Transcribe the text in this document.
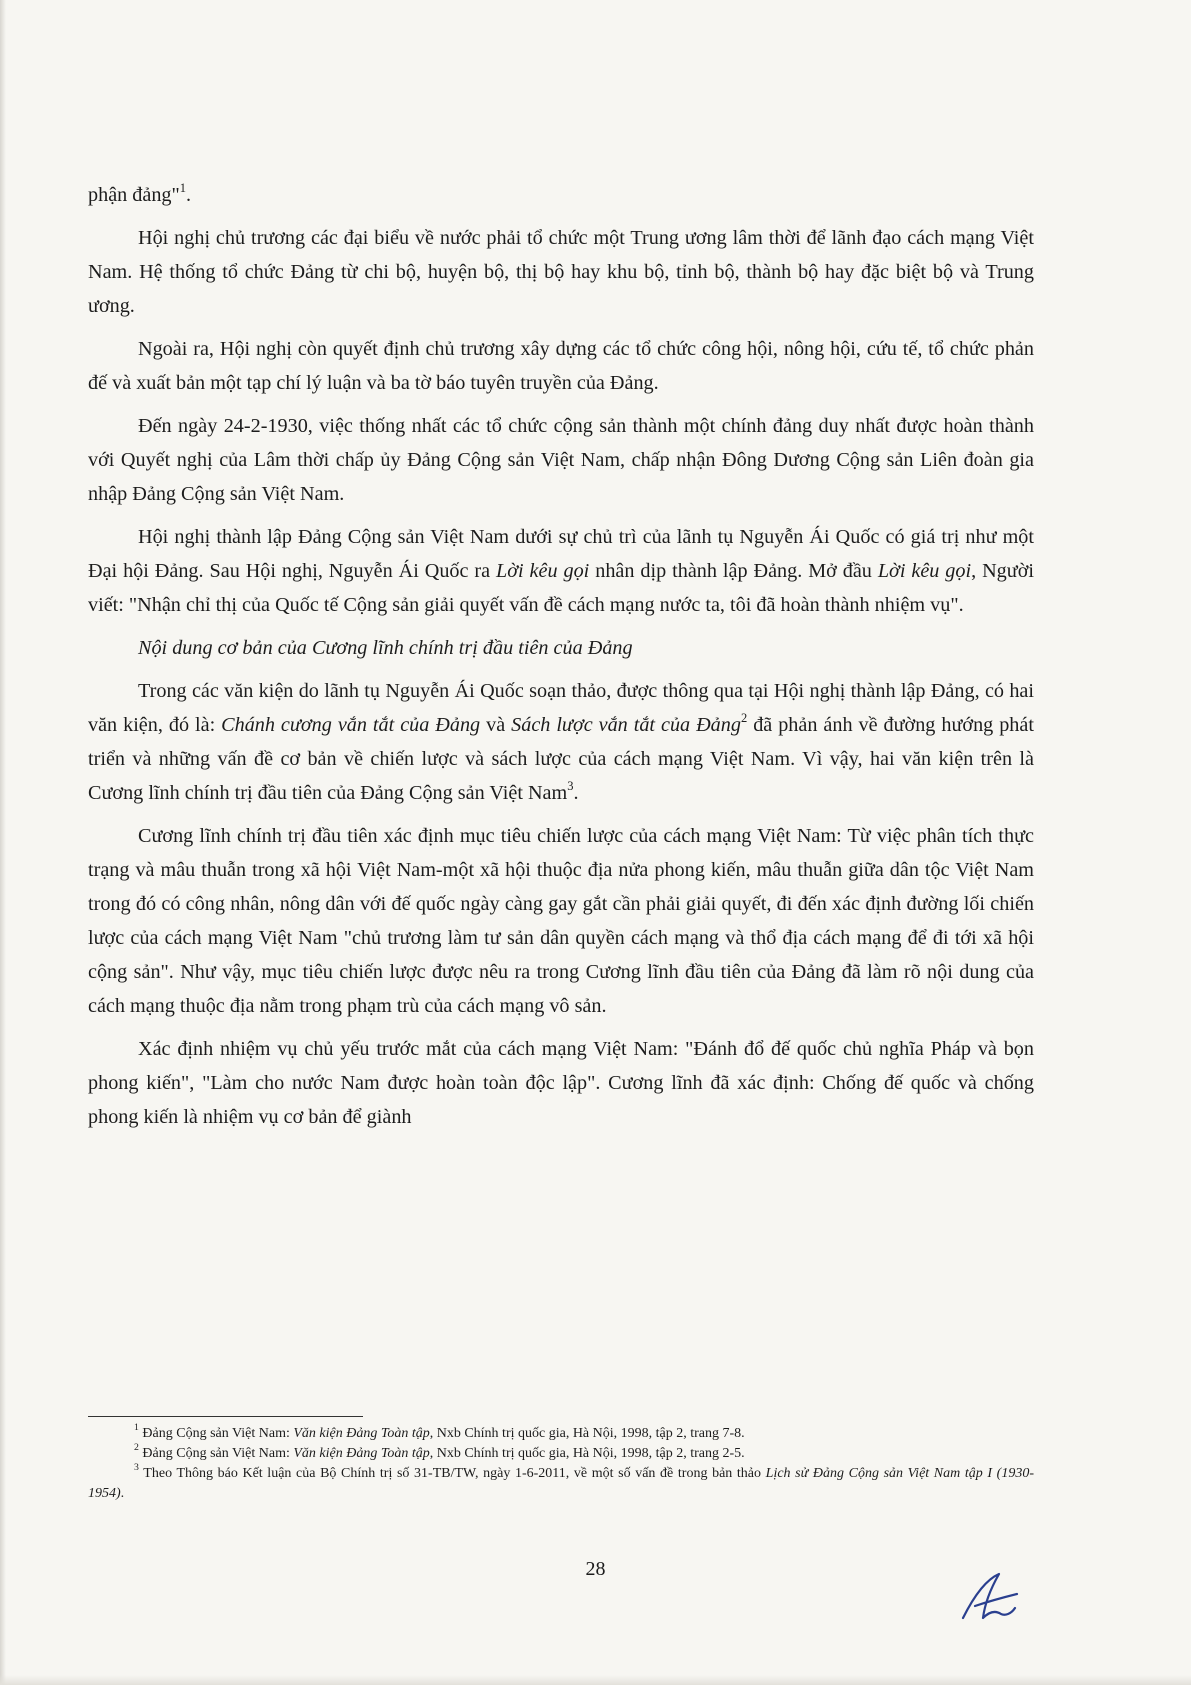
phận đảng"$^1$.

Hội nghị chủ trương các đại biểu về nước phải tổ chức một Trung ương lâm thời để lãnh đạo cách mạng Việt Nam. Hệ thống tổ chức Đảng từ chi bộ, huyện bộ, thị bộ hay khu bộ, tỉnh bộ, thành bộ hay đặc biệt bộ và Trung ương.

Ngoài ra, Hội nghị còn quyết định chủ trương xây dựng các tổ chức công hội, nông hội, cứu tế, tổ chức phản đế và xuất bản một tạp chí lý luận và ba tờ báo tuyên truyền của Đảng.

Đến ngày 24-2-1930, việc thống nhất các tổ chức cộng sản thành một chính đảng duy nhất được hoàn thành với Quyết nghị của Lâm thời chấp ủy Đảng Cộng sản Việt Nam, chấp nhận Đông Dương Cộng sản Liên đoàn gia nhập Đảng Cộng sản Việt Nam.

Hội nghị thành lập Đảng Cộng sản Việt Nam dưới sự chủ trì của lãnh tụ Nguyễn Ái Quốc có giá trị như một Đại hội Đảng. Sau Hội nghị, Nguyễn Ái Quốc ra Lời kêu gọi nhân dịp thành lập Đảng. Mở đầu Lời kêu gọi, Người viết: "Nhận chỉ thị của Quốc tế Cộng sản giải quyết vấn đề cách mạng nước ta, tôi đã hoàn thành nhiệm vụ".

Nội dung cơ bản của Cương lĩnh chính trị đầu tiên của Đảng

Trong các văn kiện do lãnh tụ Nguyễn Ái Quốc soạn thảo, được thông qua tại Hội nghị thành lập Đảng, có hai văn kiện, đó là: Chánh cương vắn tắt của Đảng và Sách lược vắn tắt của Đảng$^2$ đã phản ánh về đường hướng phát triển và những vấn đề cơ bản về chiến lược và sách lược của cách mạng Việt Nam. Vì vậy, hai văn kiện trên là Cương lĩnh chính trị đầu tiên của Đảng Cộng sản Việt Nam$^3$.

Cương lĩnh chính trị đầu tiên xác định mục tiêu chiến lược của cách mạng Việt Nam: Từ việc phân tích thực trạng và mâu thuẫn trong xã hội Việt Nam-một xã hội thuộc địa nửa phong kiến, mâu thuẫn giữa dân tộc Việt Nam trong đó có công nhân, nông dân với đế quốc ngày càng gay gắt cần phải giải quyết, đi đến xác định đường lối chiến lược của cách mạng Việt Nam "chủ trương làm tư sản dân quyền cách mạng và thổ địa cách mạng để đi tới xã hội cộng sản". Như vậy, mục tiêu chiến lược được nêu ra trong Cương lĩnh đầu tiên của Đảng đã làm rõ nội dung của cách mạng thuộc địa nằm trong phạm trù của cách mạng vô sản.

Xác định nhiệm vụ chủ yếu trước mắt của cách mạng Việt Nam: "Đánh đổ đế quốc chủ nghĩa Pháp và bọn phong kiến", "Làm cho nước Nam được hoàn toàn độc lập". Cương lĩnh đã xác định: Chống đế quốc và chống phong kiến là nhiệm vụ cơ bản để giành

$^1$ Đảng Cộng sản Việt Nam: Văn kiện Đảng Toàn tập, Nxb Chính trị quốc gia, Hà Nội, 1998, tập 2, trang 7-8.

$^2$ Đảng Cộng sản Việt Nam: Văn kiện Đảng Toàn tập, Nxb Chính trị quốc gia, Hà Nội, 1998, tập 2, trang 2-5.

$^3$ Theo Thông báo Kết luận của Bộ Chính trị số 31-TB/TW, ngày 1-6-2011, về một số vấn đề trong bản thảo Lịch sử Đảng Cộng sản Việt Nam tập I (1930-1954).

28
